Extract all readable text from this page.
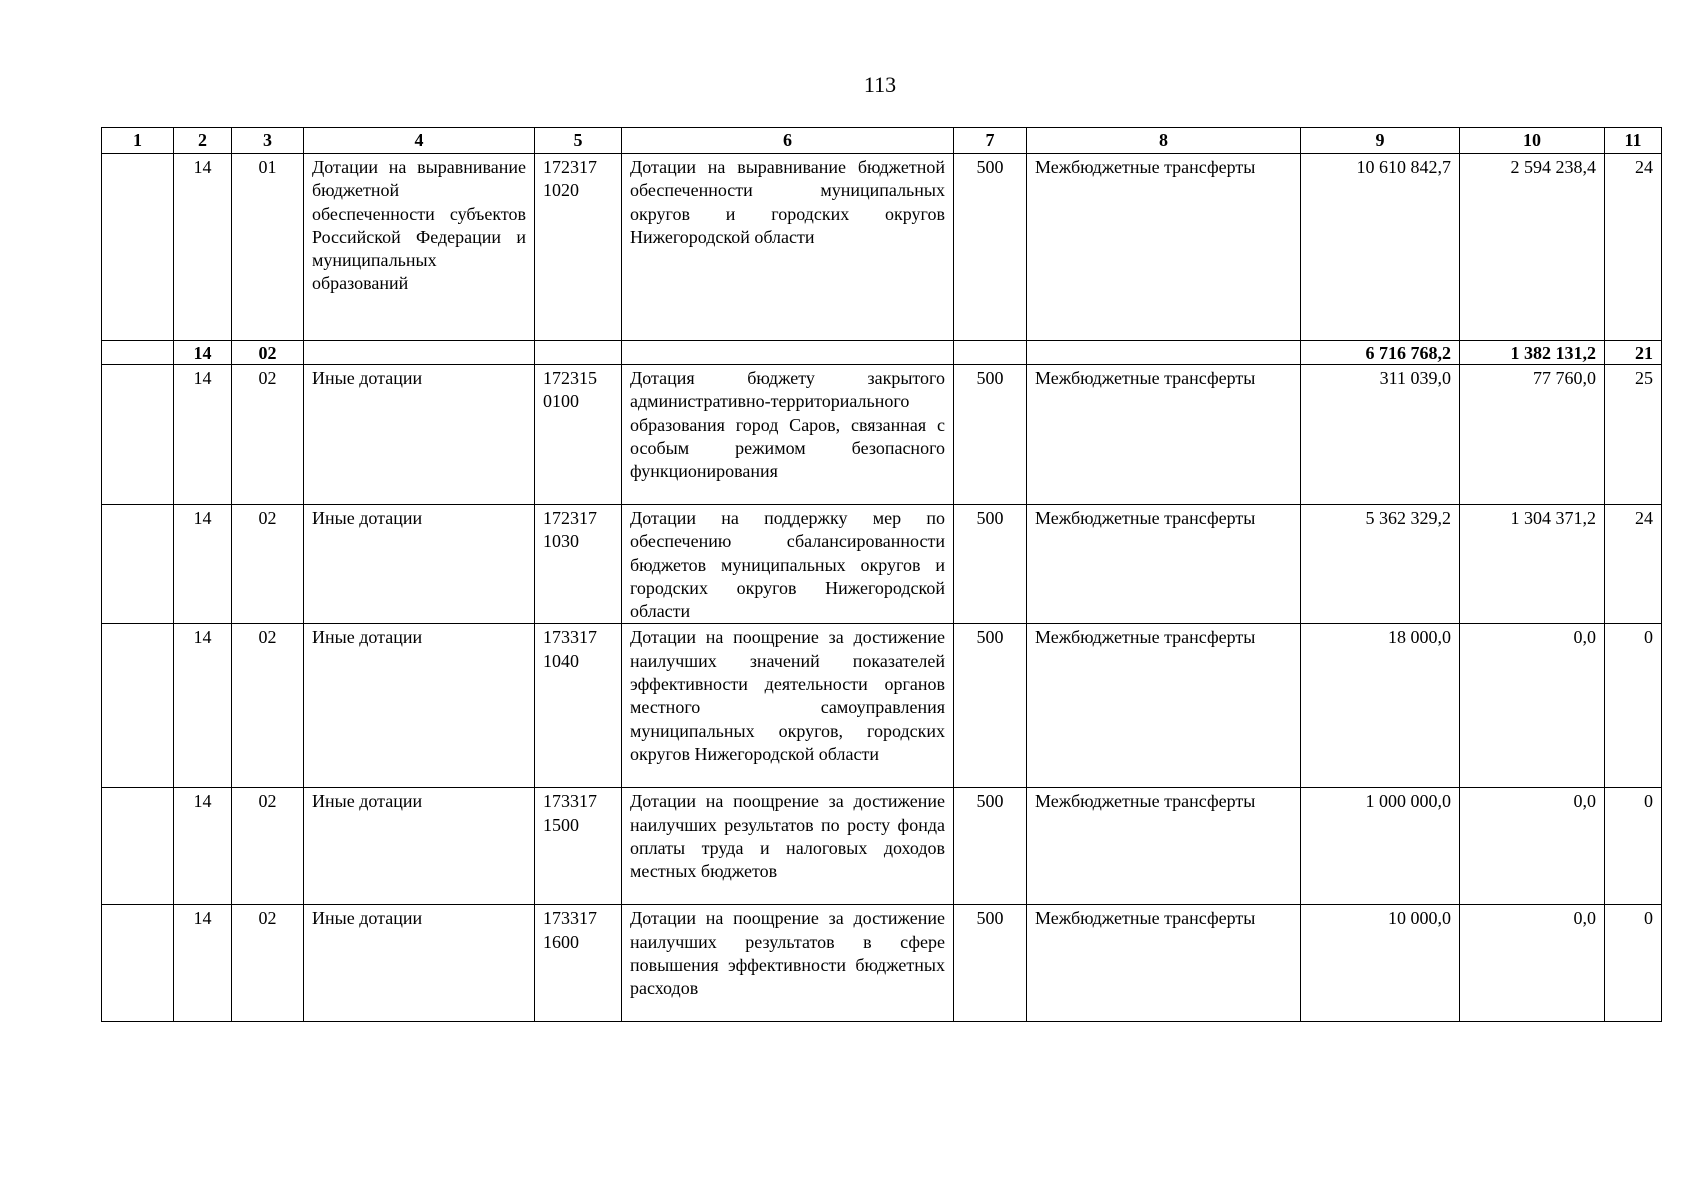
113
1	2	3	4	5	6	7	8	9	10	11
	14	01	Дотации на выравнивание бюджетной обеспеченности субъектов Российской Федерации и муниципальных образований	172317 1020	Дотации на выравнивание бюджетной обеспеченности муниципальных округов и городских округов Нижегородской области	500	Межбюджетные трансферты	10 610 842,7	2 594 238,4	24
	14	02						6 716 768,2	1 382 131,2	21
	14	02	Иные дотации	172315 0100	Дотация бюджету закрытого административно-территориального образования город Саров, связанная с особым режимом безопасного функционирования	500	Межбюджетные трансферты	311 039,0	77 760,0	25
	14	02	Иные дотации	172317 1030	Дотации на поддержку мер по обеспечению сбалансированности бюджетов муниципальных округов и городских округов Нижегородской области	500	Межбюджетные трансферты	5 362 329,2	1 304 371,2	24
	14	02	Иные дотации	173317 1040	Дотации на поощрение за достижение наилучших значений показателей эффективности деятельности органов местного самоуправления муниципальных округов, городских округов Нижегородской области	500	Межбюджетные трансферты	18 000,0	0,0	0
	14	02	Иные дотации	173317 1500	Дотации на поощрение за достижение наилучших результатов по росту фонда оплаты труда и налоговых доходов местных бюджетов	500	Межбюджетные трансферты	1 000 000,0	0,0	0
	14	02	Иные дотации	173317 1600	Дотации на поощрение за достижение наилучших результатов в сфере повышения эффективности бюджетных расходов	500	Межбюджетные трансферты	10 000,0	0,0	0
